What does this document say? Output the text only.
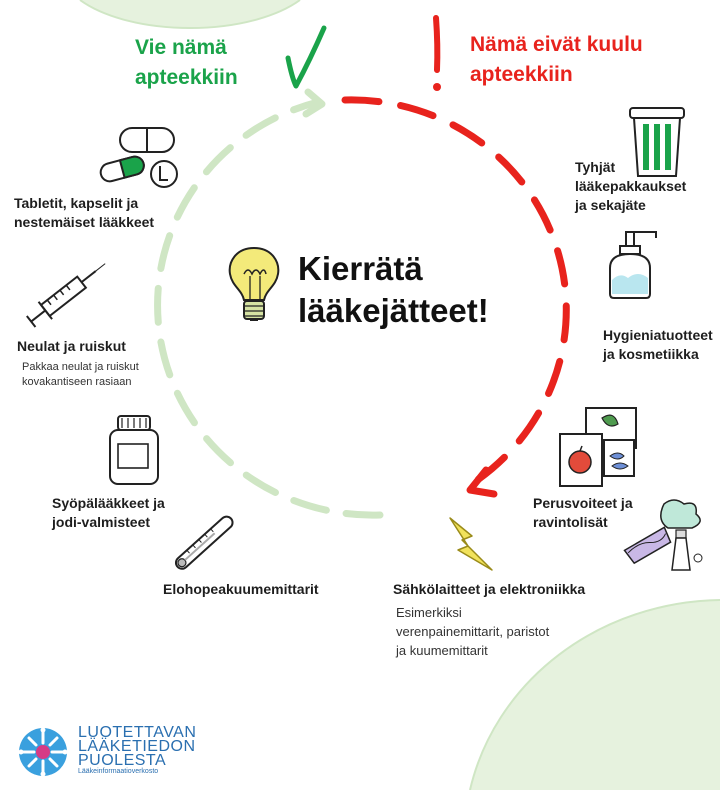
Vie nämä
apteekkiin
Nämä eivät kuulu
apteekkiin
Kierrätä
lääkejätteet!
Tabletit, kapselit ja
nestemäiset lääkkeet
Neulat ja ruiskut
Pakkaa neulat ja ruiskut
kovakantiseen rasiaan
Syöpälääkkeet ja
jodi-valmisteet
Elohopeakuumemittarit
Tyhjät
lääkepakkaukset
ja sekajäte
Hygieniatuotteet
ja kosmetiikka
Perusvoiteet ja
ravintolisät
Sähkölaitteet ja elektroniikka
Esimerkiksi
verenpainemittarit, paristot
ja kuumemittarit
LUOTETTAVAN
LÄÄKETIEDON
PUOLESTA
Lääkeinformaatioverkosto
